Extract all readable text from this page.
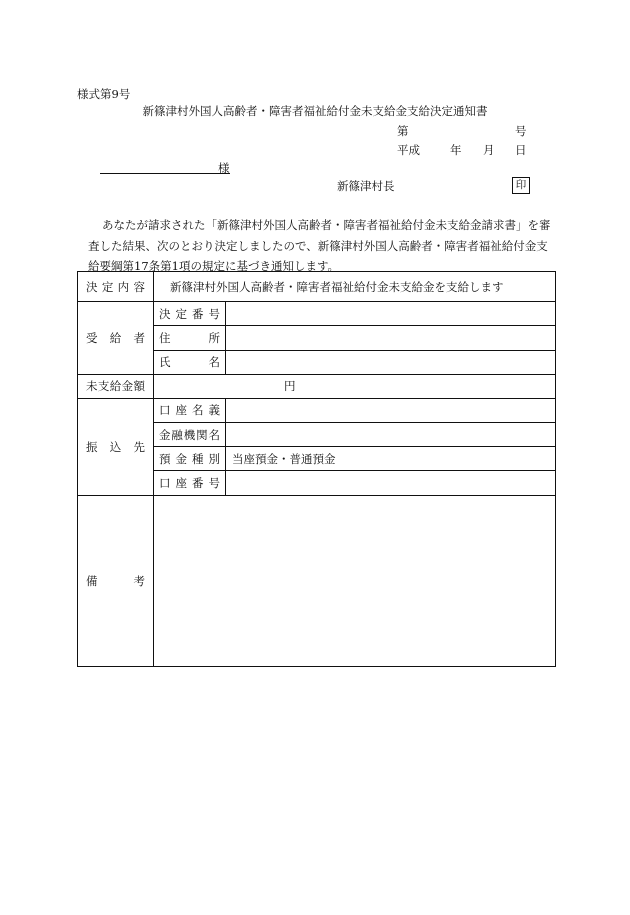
様式第9号
新篠津村外国人高齢者・障害者福祉給付金未支給金支給決定通知書
第	号
平成	年 月 日
様
新篠津村長	印
あなたが請求された「新篠津村外国人高齢者・障害者福祉給付金未支給金請求書」を審査した結果、次のとおり決定しましたので、新篠津村外国人高齢者・障害者福祉給付金支給要綱第17条第1項の規定に基づき通知します。
決定内容	新篠津村外国人高齢者・障害者福祉給付金未支給金を支給します	
受給者	決定番号	
	住所	
	氏名	
未支給金額	円	
振込先	口座名義	
	金融機関名	
	預金種別	当座預金・普通預金
	口座番号	
備考		
